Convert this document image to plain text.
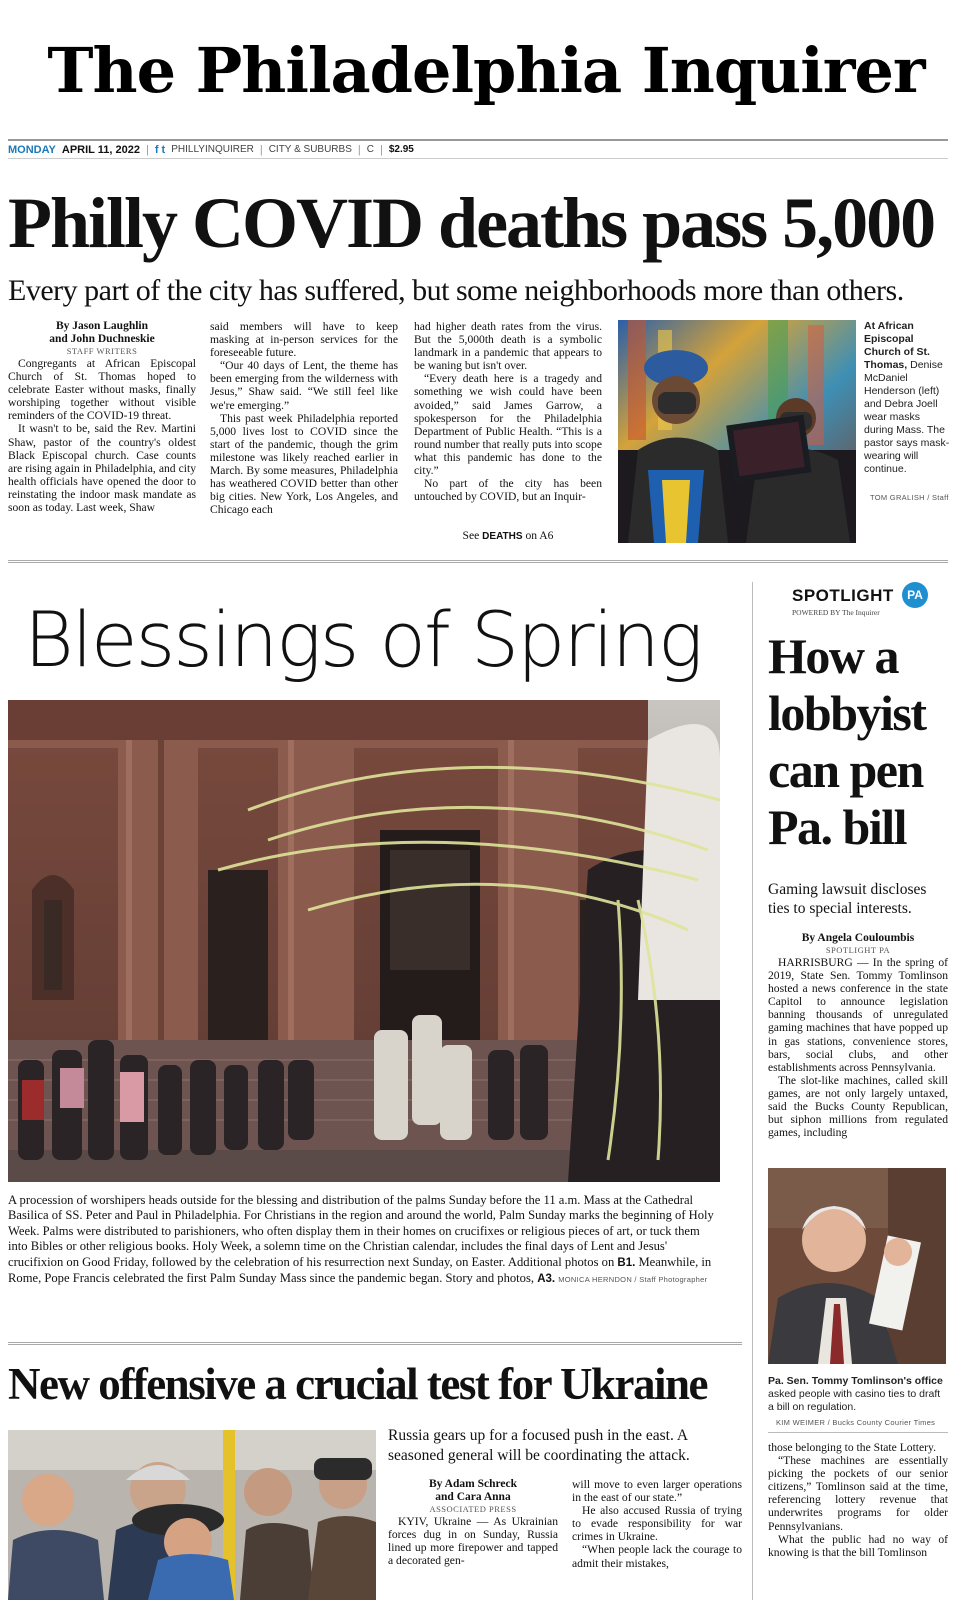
The Philadelphia Inquirer
MONDAY APRIL 11, 2022 | f t PHILLYINQUIRER | CITY & SUBURBS | C | $2.95
Philly COVID deaths pass 5,000
Every part of the city has suffered, but some neighborhoods more than others.
By Jason Laughlin
and John Duchneskie
STAFF WRITERS

Congregants at African Episcopal Church of St. Thomas hoped to celebrate Easter without masks, finally worshiping together without visible reminders of the COVID-19 threat.

It wasn't to be, said the Rev. Martini Shaw, pastor of the country's oldest Black Episcopal church. Case counts are rising again in Philadelphia, and city health officials have opened the door to reinstating the indoor mask mandate as soon as today. Last week, Shaw

said members will have to keep masking at in-person services for the foreseeable future.

“Our 40 days of Lent, the theme has been emerging from the wilderness with Jesus,” Shaw said. “We still feel like we're emerging.”

This past week Philadelphia reported 5,000 lives lost to COVID since the start of the pandemic, though the grim milestone was likely reached earlier in March. By some measures, Philadelphia has weathered COVID better than other big cities. New York, Los Angeles, and Chicago each

had higher death rates from the virus. But the 5,000th death is a symbolic landmark in a pandemic that appears to be waning but isn't over.

“Every death here is a tragedy and something we wish could have been avoided,” said James Garrow, a spokesperson for the Philadelphia Department of Public Health. “This is a round number that really puts into scope what this pandemic has done to the city.”

No part of the city has been untouched by COVID, but an Inquir-

See DEATHS on A6
At African Episcopal Church of St. Thomas, Denise McDaniel Henderson (left) and Debra Joell wear masks during Mass. The pastor says mask-wearing will continue.
TOM GRALISH / Staff
Blessings of Spring
A procession of worshipers heads outside for the blessing and distribution of the palms Sunday before the 11 a.m. Mass at the Cathedral Basilica of SS. Peter and Paul in Philadelphia. For Christians in the region and around the world, Palm Sunday marks the beginning of Holy Week. Palms were distributed to parishioners, who often display them in their homes on crucifixes or religious pieces of art, or tuck them into Bibles or other religious books. Holy Week, a solemn time on the Christian calendar, includes the final days of Lent and Jesus' crucifixion on Good Friday, followed by the celebration of his resurrection next Sunday, on Easter. Additional photos on B1. Meanwhile, in Rome, Pope Francis celebrated the first Palm Sunday Mass since the pandemic began. Story and photos, A3. MONICA HERNDON / Staff Photographer
SPOTLIGHT	PA
POWERED BY The Inquirer
How a lobbyist can pen Pa. bill
Gaming lawsuit discloses ties to special interests.
By Angela Couloumbis
SPOTLIGHT PA

HARRISBURG — In the spring of 2019, State Sen. Tommy Tomlinson hosted a news conference in the state Capitol to announce legislation banning thousands of unregulated gaming machines that have popped up in gas stations, convenience stores, bars, social clubs, and other establishments across Pennsylvania.

The slot-like machines, called skill games, are not only largely untaxed, said the Bucks County Republican, but siphon millions from regulated games, including

Pa. Sen. Tommy Tomlinson's office asked people with casino ties to draft a bill on regulation.
KIM WEIMER / Bucks County Courier Times

those belonging to the State Lottery.

“These machines are essentially picking the pockets of our senior citizens,” Tomlinson said at the time, referencing lottery revenue that underwrites programs for older Pennsylvanians.

What the public had no way of knowing is that the bill Tomlinson

New offensive a crucial test for Ukraine
Russia gears up for a focused push in the east. A seasoned general will be coordinating the attack.
By Adam Schreck
and Cara Anna
ASSOCIATED PRESS

KYIV, Ukraine — As Ukrainian forces dug in on Sunday, Russia lined up more firepower and tapped a decorated gen-

will move to even larger operations in the east of our state.”

He also accused Russia of trying to evade responsibility for war crimes in Ukraine.

“When people lack the courage to admit their mistakes,
